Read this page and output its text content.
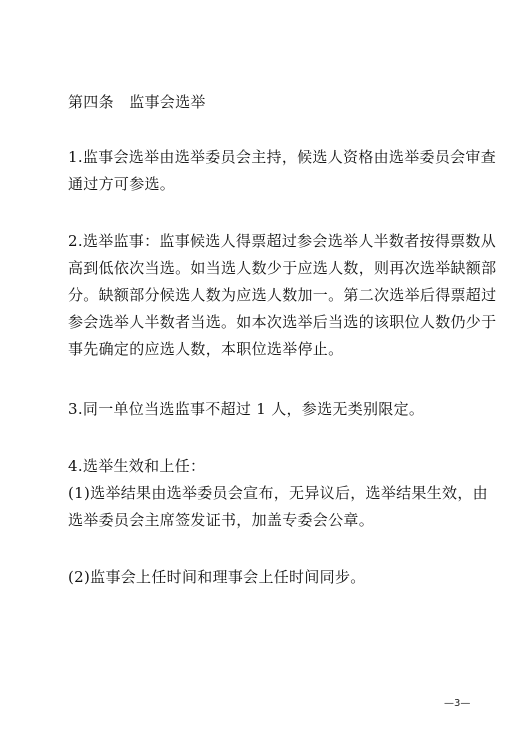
第四条　监事会选举
1.监事会选举由选举委员会主持，候选人资格由选举委员会审查
通过方可参选。
2.选举监事：监事候选人得票超过参会选举人半数者按得票数从
高到低依次当选。如当选人数少于应选人数，则再次选举缺额部
分。缺额部分候选人数为应选人数加一。第二次选举后得票超过
参会选举人半数者当选。如本次选举后当选的该职位人数仍少于
事先确定的应选人数，本职位选举停止。
3.同一单位当选监事不超过 1 人，参选无类别限定。
4.选举生效和上任：
(1)选举结果由选举委员会宣布，无异议后，选举结果生效，由
选举委员会主席签发证书，加盖专委会公章。
(2)监事会上任时间和理事会上任时间同步。
—3—
